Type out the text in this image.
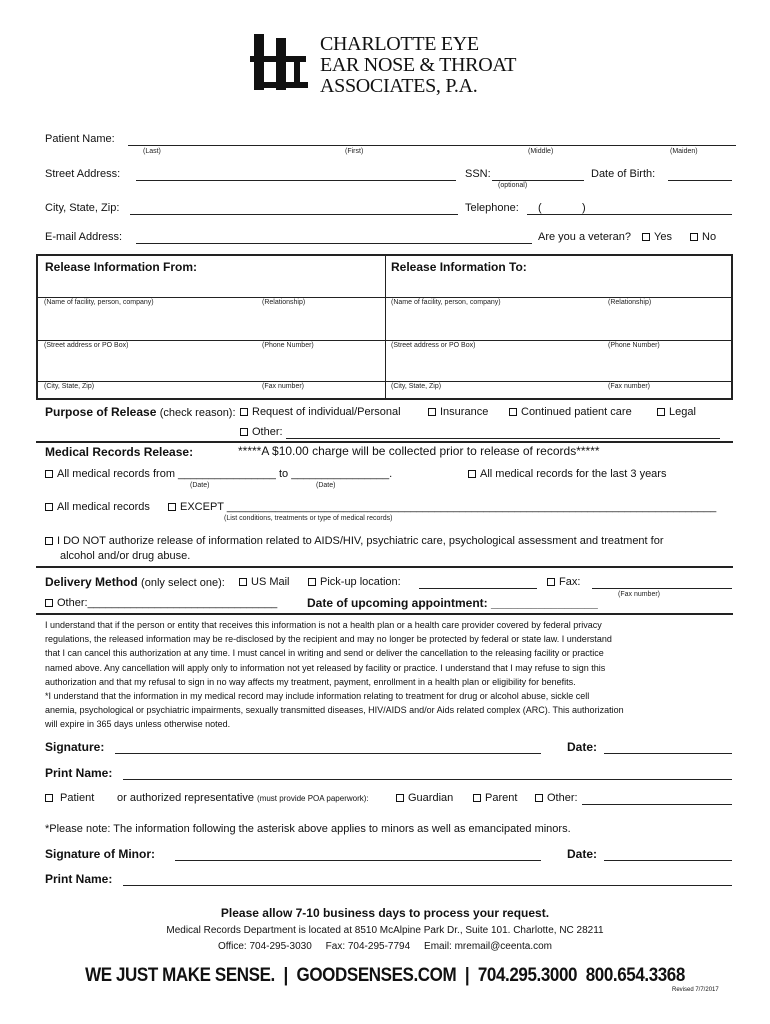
CHARLOTTE EYE
EAR NOSE & THROAT
ASSOCIATES, P.A.
Patient Name:
(Last)	(First)	(Middle)	(Maiden)
Street Address:	SSN:
(optional)
Date of Birth:
City, State, Zip:	Telephone: (	)
E-mail Address:	Are you a veteran?	Yes	No
Release Information From:	Release Information To:
(Name of facility, person, company)	(Relationship)	(Name of facility, person, company)	(Relationship)
(Street address or PO Box)	(Phone Number)	(Street address or PO Box)	(Phone Number)
(City, State, Zip)	(Fax number)	(City, State, Zip)	(Fax number)
Purpose of Release (check reason):	Request of individual/Personal	Insurance	Continued patient care	Legal
Other:
Medical Records Release:	*****A $10.00 charge will be collected prior to release of records*****
All medical records from ________________ to ________________.
(Date)	(Date)
All medical records for the last 3 years
All medical records	EXCEPT ________________________________________________________________________________
(List conditions, treatments or type of medical records)
I DO NOT authorize release of information related to AIDS/HIV, psychiatric care, psychological assessment and treatment for
alcohol and/or drug abuse.
Delivery Method (only select one):	US Mail	Pick-up location:	Fax:
(Fax number)
Other:_______________________________ Date of upcoming appointment: ________________
I understand that if the person or entity that receives this information is not a health plan or a health care provider covered by federal privacy
regulations, the released information may be re-disclosed by the recipient and may no longer be protected by federal or state law. I understand
that I can cancel this authorization at any time. I must cancel in writing and send or deliver the cancellation to the releasing facility or practice
named above. Any cancellation will apply only to information not yet released by facility or practice. I understand that I may refuse to sign this
authorization and that my refusal to sign in no way affects my treatment, payment, enrollment in a health plan or eligibility for benefits.
*I understand that the information in my medical record may include information relating to treatment for drug or alcohol abuse, sickle cell
anemia, psychological or psychiatric impairments, sexually transmitted diseases, HIV/AIDS and/or Aids related complex (ARC). This authorization
will expire in 365 days unless otherwise noted.
Signature:	Date:
Print Name:
Patient or authorized representative (must provide POA paperwork):	Guardian	Parent	Other:
*Please note: The information following the asterisk above applies to minors as well as emancipated minors.
Signature of Minor:	Date:
Print Name:
Please allow 7-10 business days to process your request.
Medical Records Department is located at 8510 McAlpine Park Dr., Suite 101. Charlotte, NC 28211
Office: 704-295-3030     Fax: 704-295-7794     Email: mremail@ceenta.com
WE JUST MAKE SENSE.  |  GOODSENSES.COM  |  704.295.3000  800.654.3368
Revised 7/7/2017
